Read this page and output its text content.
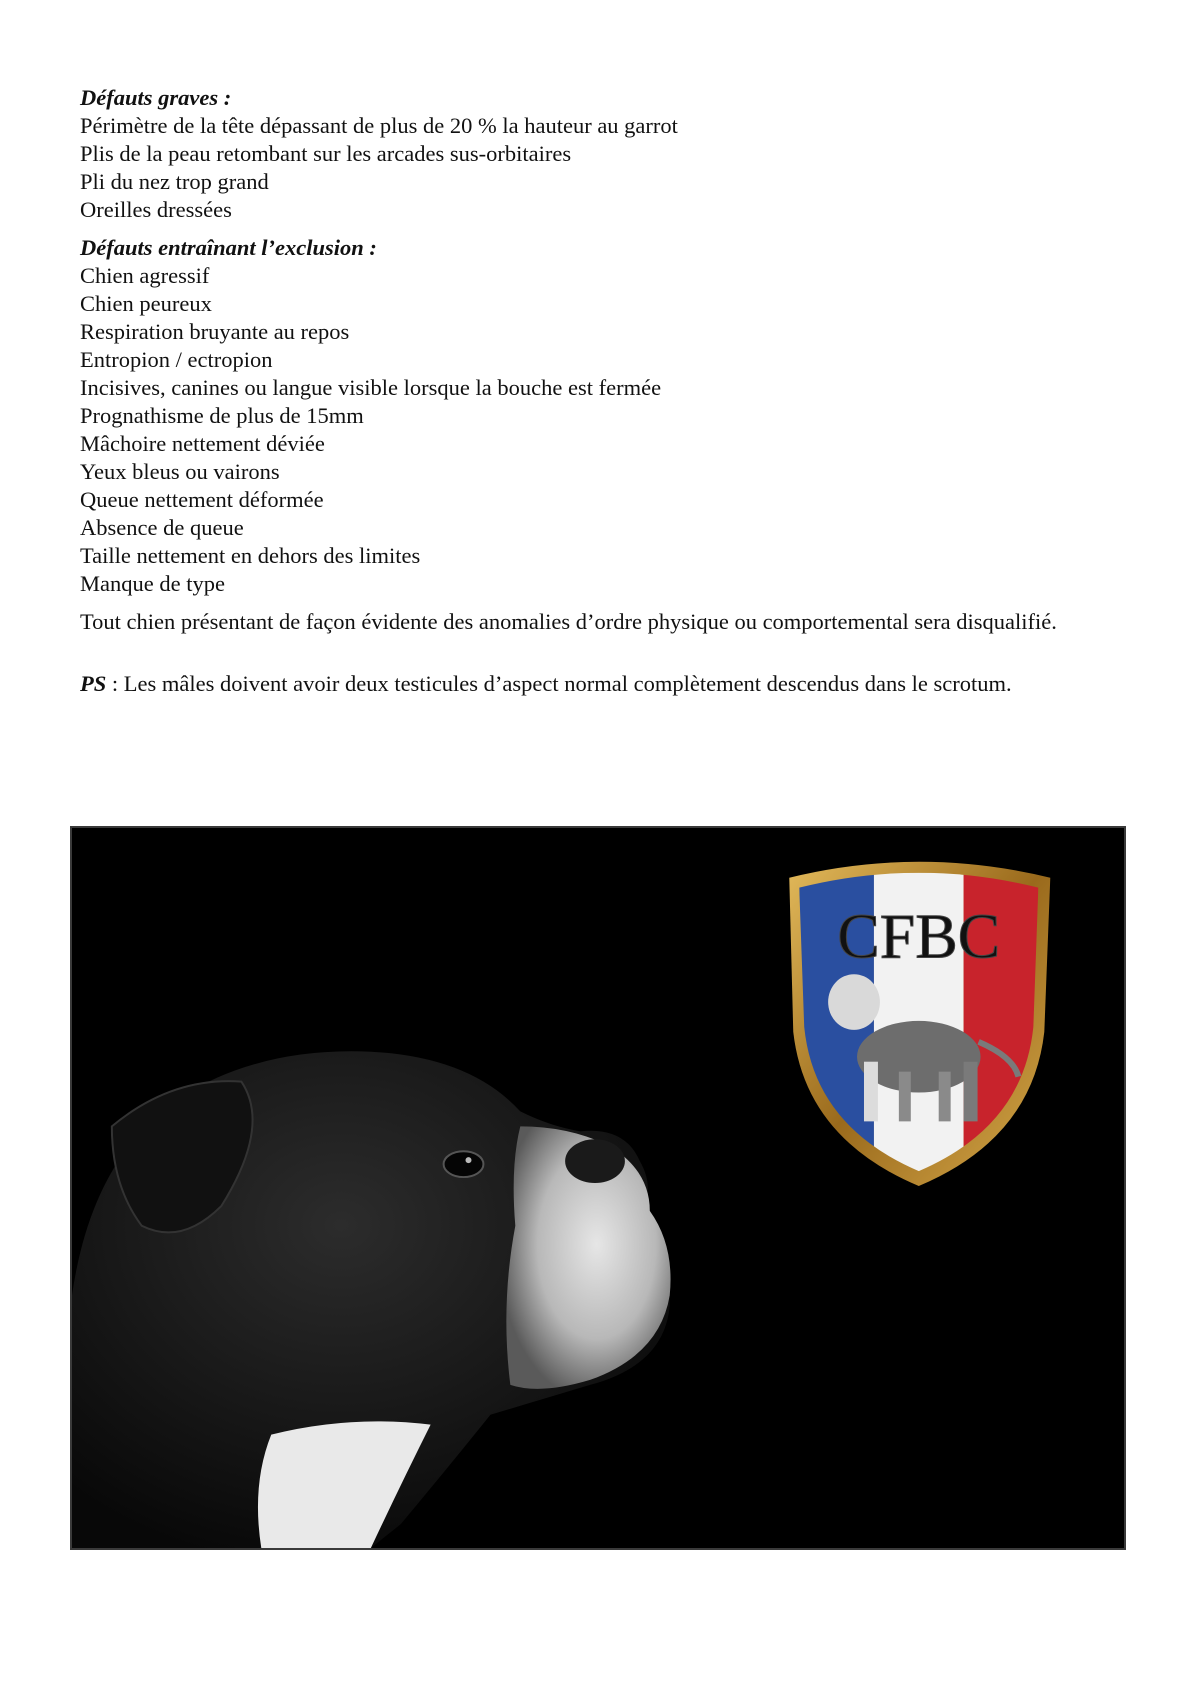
Défauts graves :
Périmètre de la tête dépassant de plus de 20 % la hauteur au garrot
Plis de la peau retombant sur les arcades sus-orbitaires
Pli du nez trop grand
Oreilles dressées
Défauts entraînant l’exclusion :
Chien agressif
Chien peureux
Respiration bruyante au repos
Entropion / ectropion
Incisives, canines ou langue visible lorsque la bouche est fermée
Prognathisme de plus de 15mm
Mâchoire nettement déviée
Yeux bleus ou vairons
Queue nettement déformée
Absence de queue
Taille nettement en dehors des limites
Manque de type
Tout chien présentant de façon évidente des anomalies d’ordre physique ou comportemental sera disqualifié.
PS : Les mâles doivent avoir deux testicules d’aspect normal complètement descendus dans le scrotum.
CFBC
